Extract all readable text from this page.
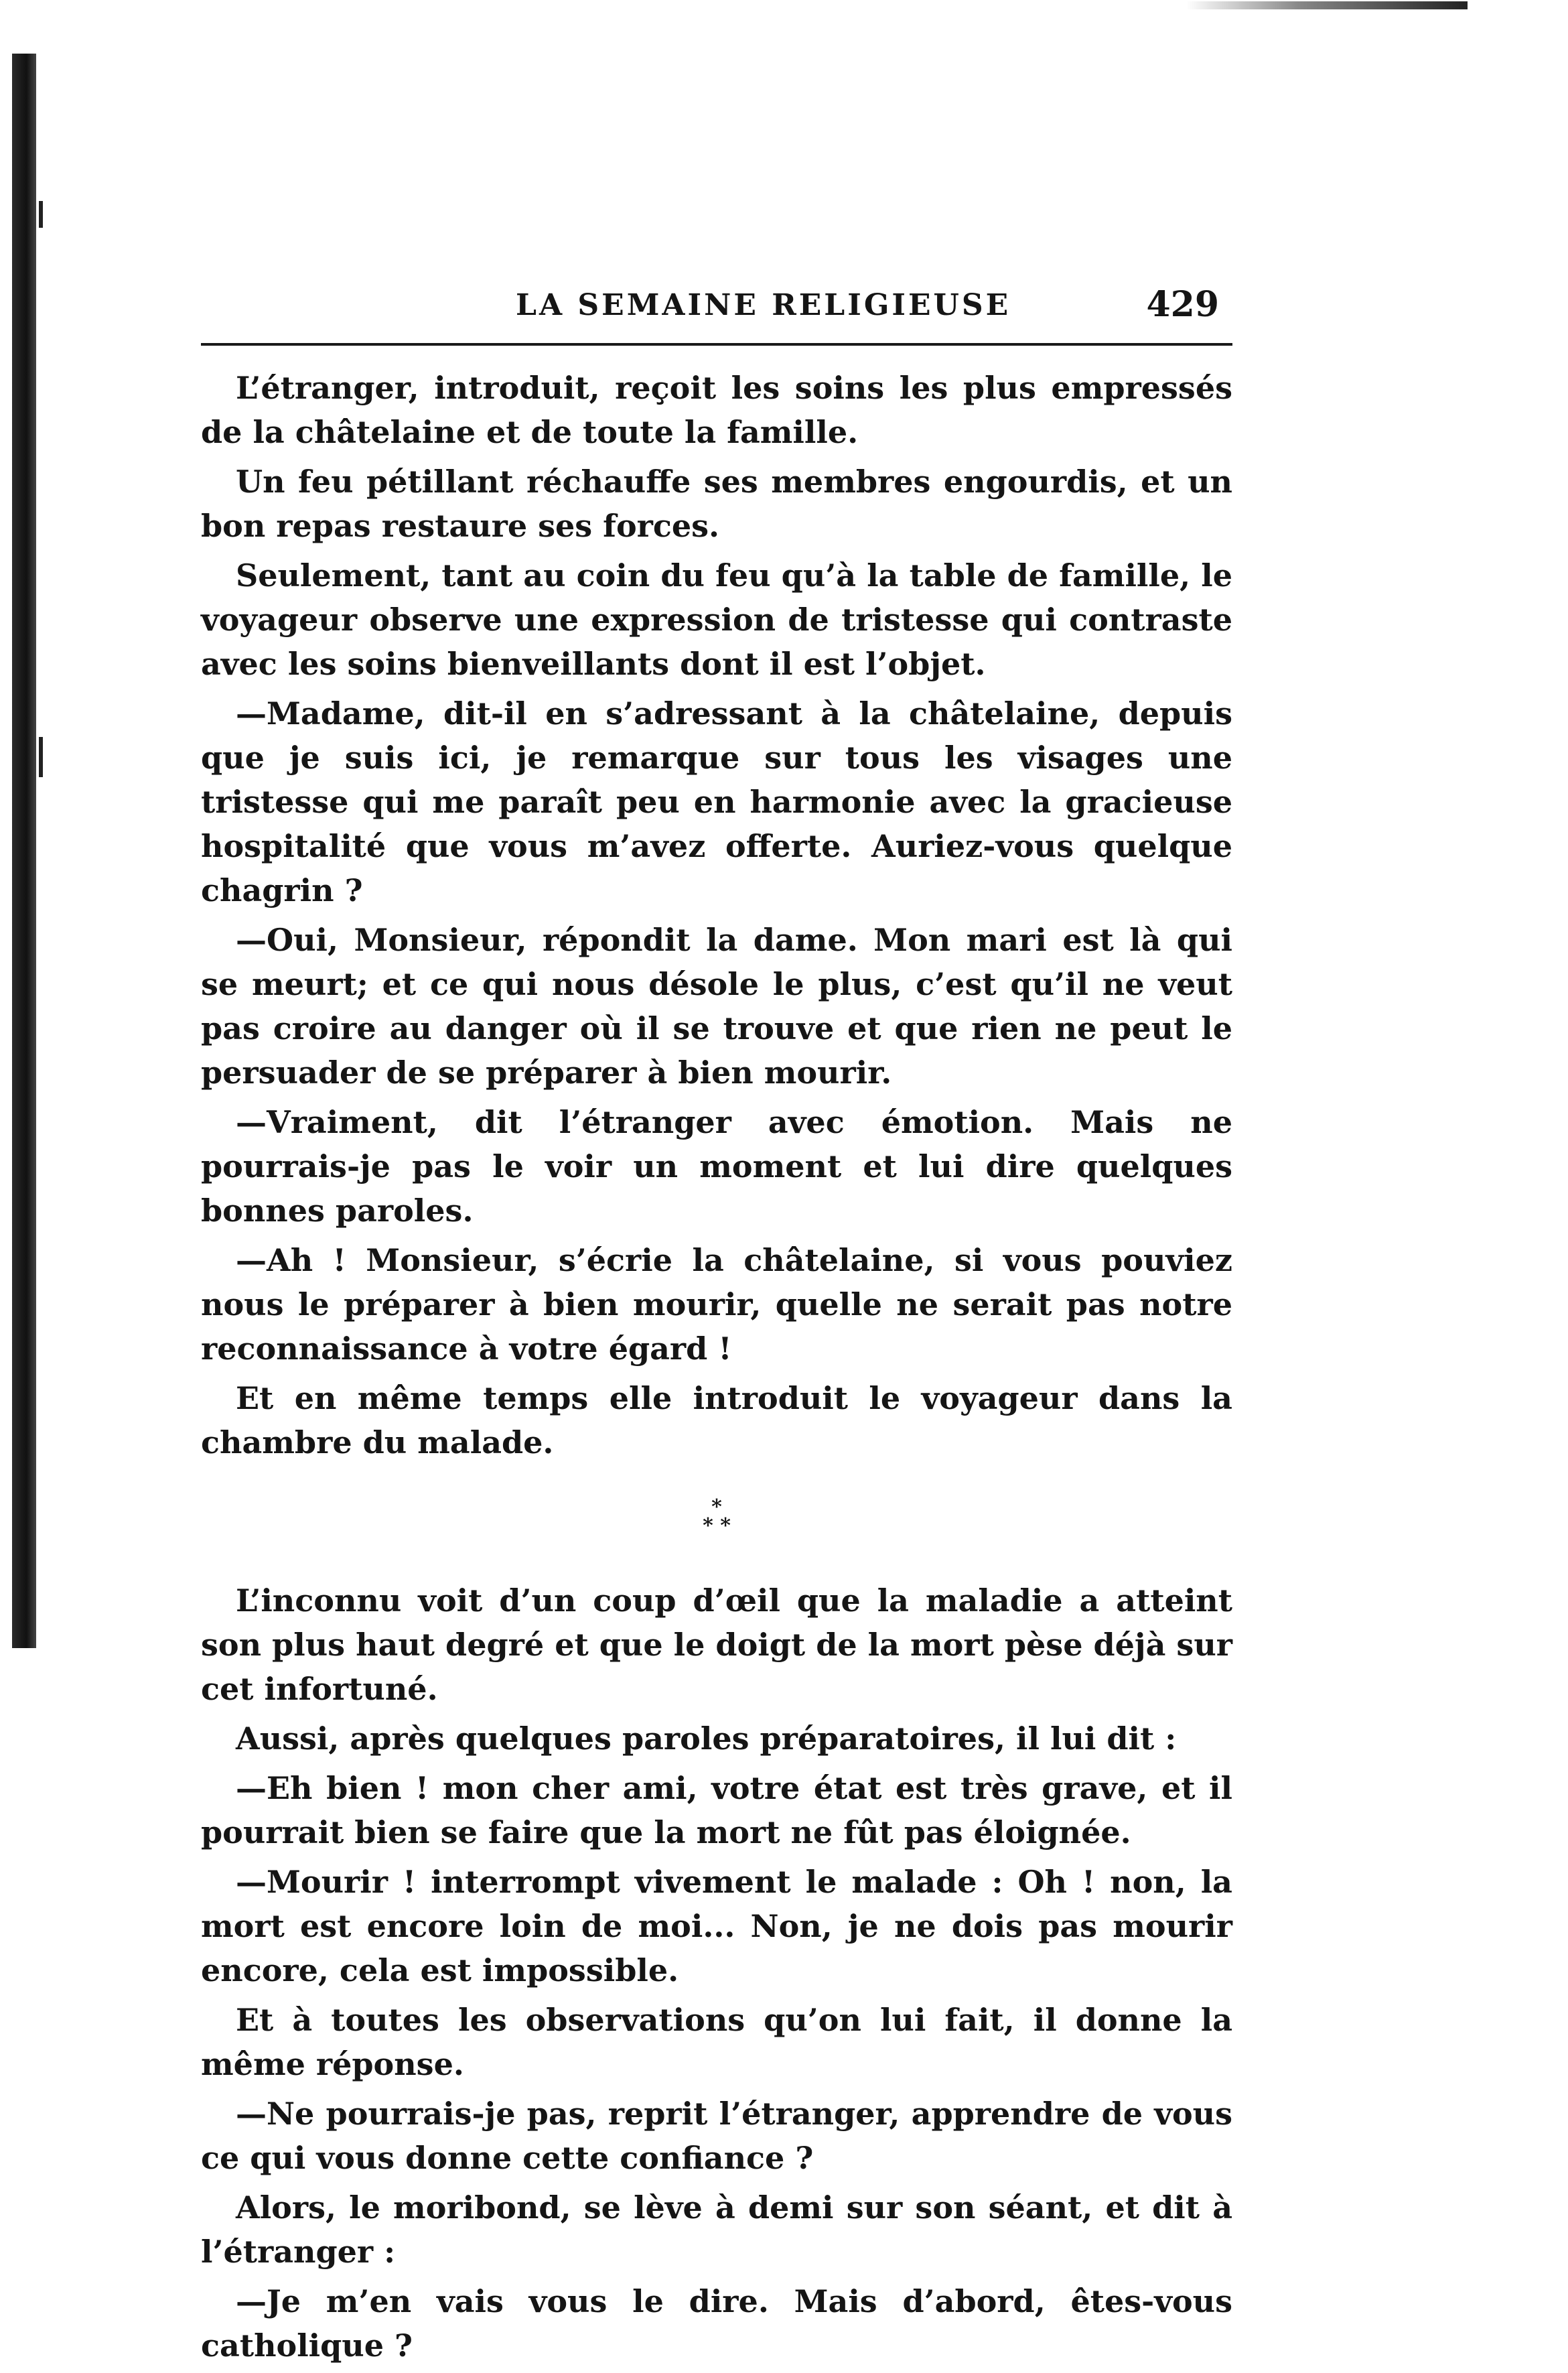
LA SEMAINE RELIGIEUSE	429

L’étranger, introduit, reçoit les soins les plus empressés de la châtelaine et de toute la famille.

Un feu pétillant réchauffe ses membres engourdis, et un bon repas restaure ses forces.

Seulement, tant au coin du feu qu’à la table de famille, le voyageur observe une expression de tristesse qui contraste avec les soins bienveillants dont il est l’objet.

—Madame, dit-il en s’adressant à la châtelaine, depuis que je suis ici, je remarque sur tous les visages une tristesse qui me paraît peu en harmonie avec la gracieuse hospitalité que vous m’avez offerte. Auriez-vous quelque chagrin ?

—Oui, Monsieur, répondit la dame. Mon mari est là qui se meurt; et ce qui nous désole le plus, c’est qu’il ne veut pas croire au danger où il se trouve et que rien ne peut le persuader de se préparer à bien mourir.

—Vraiment, dit l’étranger avec émotion. Mais ne pourrais-je pas le voir un moment et lui dire quelques bonnes paroles.

—Ah ! Monsieur, s’écrie la châtelaine, si vous pouviez nous le préparer à bien mourir, quelle ne serait pas notre reconnaissance à votre égard !

Et en même temps elle introduit le voyageur dans la chambre du malade.

*
* *

L’inconnu voit d’un coup d’œil que la maladie a atteint son plus haut degré et que le doigt de la mort pèse déjà sur cet infortuné.

Aussi, après quelques paroles préparatoires, il lui dit :

—Eh bien ! mon cher ami, votre état est très grave, et il pourrait bien se faire que la mort ne fût pas éloignée.

—Mourir ! interrompt vivement le malade : Oh ! non, la mort est encore loin de moi... Non, je ne dois pas mourir encore, cela est impossible.

Et à toutes les observations qu’on lui fait, il donne la même réponse.

—Ne pourrais-je pas, reprit l’étranger, apprendre de vous ce qui vous donne cette confiance ?

Alors, le moribond, se lève à demi sur son séant, et dit à l’étranger :

—Je m’en vais vous le dire. Mais d’abord, êtes-vous catholique ?
